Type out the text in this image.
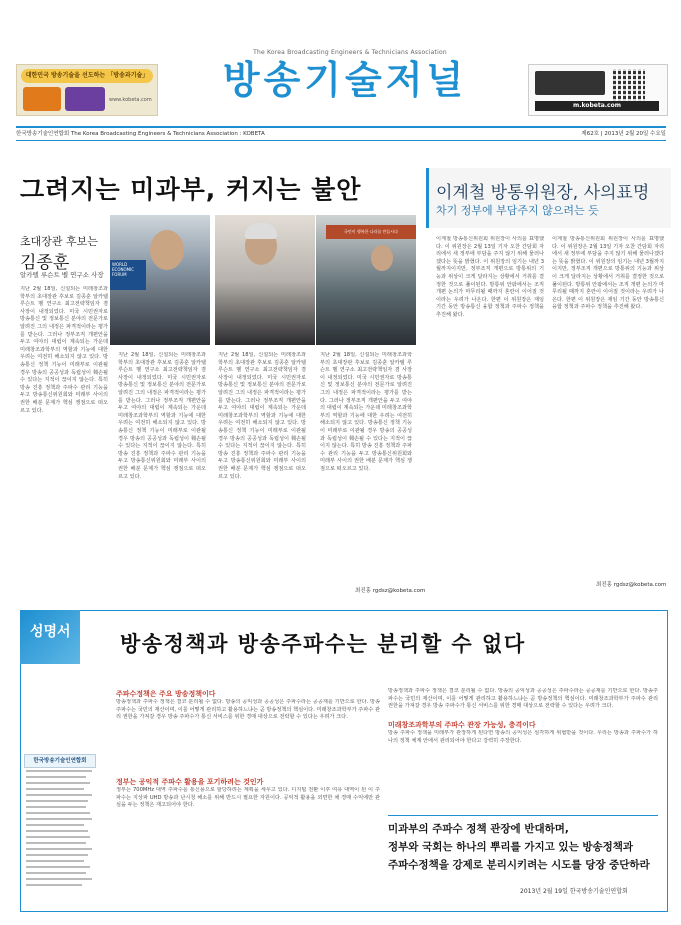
대한민국 방송기술을 선도하는 「방송과기술」
www.kobeta.com
The Korea Broadcasting Engineers & Technicians Association
방송기술저널
m.kobeta.com
한국방송기술인연합회 The Korea Broadcasting Engineers & Technicians Association : KOBETA	제62호 | 2013년 2월 20일 수요일
그려지는 미과부, 커지는 불안
초대장관 후보는
김종훈
알카텔 루슨트 벨 연구소 사장
WORLD ECONOMIC FORUM
국민이 행복한 나라를 만듭시다
이계철 방통위원장, 사의표명
차기 정부에 부담주지 않으려는 듯

지난 2월 18일, 신설되는 미래창조과학부의 초대장관 후보로 김종훈 알카텔 루슨트 벨 연구소 최고전략책임자 겸 사장이 내정되었다. 미국 시민권자로 방송통신 및 정보통신 분야의 전문가로 알려진 그의 내정은 파격적이라는 평가를 받는다. 그러나 정부조직 개편안을 두고 여야의 대립이 계속되는 가운데 미래창조과학부의 역할과 기능에 대한 우려는 여전히 해소되지 않고 있다. 방송통신 정책 기능이 미래부로 이관될 경우 방송의 공공성과 독립성이 훼손될 수 있다는 지적이 끊이지 않는다. 특히 방송 진흥 정책과 주파수 관리 기능을 두고 방송통신위원회와 미래부 사이의 권한 배분 문제가 핵심 쟁점으로 떠오르고 있다.

지난 2월 18일, 신설되는 미래창조과학부의 초대장관 후보로 김종훈 알카텔 루슨트 벨 연구소 최고전략책임자 겸 사장이 내정되었다. 미국 시민권자로 방송통신 및 정보통신 분야의 전문가로 알려진 그의 내정은 파격적이라는 평가를 받는다. 그러나 정부조직 개편안을 두고 여야의 대립이 계속되는 가운데 미래창조과학부의 역할과 기능에 대한 우려는 여전히 해소되지 않고 있다. 방송통신 정책 기능이 미래부로 이관될 경우 방송의 공공성과 독립성이 훼손될 수 있다는 지적이 끊이지 않는다. 특히 방송 진흥 정책과 주파수 관리 기능을 두고 방송통신위원회와 미래부 사이의 권한 배분 문제가 핵심 쟁점으로 떠오르고 있다.

지난 2월 18일, 신설되는 미래창조과학부의 초대장관 후보로 김종훈 알카텔 루슨트 벨 연구소 최고전략책임자 겸 사장이 내정되었다. 미국 시민권자로 방송통신 및 정보통신 분야의 전문가로 알려진 그의 내정은 파격적이라는 평가를 받는다. 그러나 정부조직 개편안을 두고 여야의 대립이 계속되는 가운데 미래창조과학부의 역할과 기능에 대한 우려는 여전히 해소되지 않고 있다. 방송통신 정책 기능이 미래부로 이관될 경우 방송의 공공성과 독립성이 훼손될 수 있다는 지적이 끊이지 않는다. 특히 방송 진흥 정책과 주파수 관리 기능을 두고 방송통신위원회와 미래부 사이의 권한 배분 문제가 핵심 쟁점으로 떠오르고 있다.

지난 2월 18일, 신설되는 미래창조과학부의 초대장관 후보로 김종훈 알카텔 루슨트 벨 연구소 최고전략책임자 겸 사장이 내정되었다. 미국 시민권자로 방송통신 및 정보통신 분야의 전문가로 알려진 그의 내정은 파격적이라는 평가를 받는다. 그러나 정부조직 개편안을 두고 여야의 대립이 계속되는 가운데 미래창조과학부의 역할과 기능에 대한 우려는 여전히 해소되지 않고 있다. 방송통신 정책 기능이 미래부로 이관될 경우 방송의 공공성과 독립성이 훼손될 수 있다는 지적이 끊이지 않는다. 특히 방송 진흥 정책과 주파수 관리 기능을 두고 방송통신위원회와 미래부 사이의 권한 배분 문제가 핵심 쟁점으로 떠오르고 있다.

최진홍 rgdsz@kobeta.com

이계철 방송통신위원회 위원장이 사의를 표명했다. 이 위원장은 2월 13일 기자 오찬 간담회 자리에서 새 정부에 부담을 주지 않기 위해 물러나겠다는 뜻을 밝혔다. 이 위원장의 임기는 내년 3월까지이지만, 정부조직 개편으로 방통위의 기능과 위상이 크게 달라지는 상황에서 거취를 결정한 것으로 풀이된다. 방통위 안팎에서는 조직 개편 논의가 마무리될 때까지 혼란이 이어질 것이라는 우려가 나온다. 한편 이 위원장은 재임 기간 동안 방송통신 융합 정책과 주파수 정책을 추진해 왔다.

이계철 방송통신위원회 위원장이 사의를 표명했다. 이 위원장은 2월 13일 기자 오찬 간담회 자리에서 새 정부에 부담을 주지 않기 위해 물러나겠다는 뜻을 밝혔다. 이 위원장의 임기는 내년 3월까지이지만, 정부조직 개편으로 방통위의 기능과 위상이 크게 달라지는 상황에서 거취를 결정한 것으로 풀이된다. 방통위 안팎에서는 조직 개편 논의가 마무리될 때까지 혼란이 이어질 것이라는 우려가 나온다. 한편 이 위원장은 재임 기간 동안 방송통신 융합 정책과 주파수 정책을 추진해 왔다.

최진홍 rgdsz@kobeta.com
성명서 방송정책과 방송주파수는 분리할 수 없다
주파수정책은 주요 방송정책이다

방송정책과 주파수 정책은 결코 분리될 수 없다. 방송의 공익성과 공공성은 주파수라는 공공재를 기반으로 한다. 방송주파수는 국민의 재산이며, 이를 어떻게 관리하고 활용하느냐는 곧 방송정책의 핵심이다. 미래창조과학부가 주파수 관리 권한을 가져갈 경우 방송 주파수가 통신 서비스를 위한 경매 대상으로 전락할 수 있다는 우려가 크다.

정부는 공익적 주파수 활용을 포기하려는 것인가

정부는 700MHz 대역 주파수를 통신용으로 할당하려는 계획을 세우고 있다. 디지털 전환 이후 여유 대역이 된 이 주파수는 지상파 UHD 방송과 난시청 해소를 위해 반드시 필요한 자원이다. 공익적 활용을 외면한 채 경매 수익에만 관심을 두는 정책은 재고되어야 한다.

방송정책과 주파수 정책은 결코 분리될 수 없다. 방송의 공익성과 공공성은 주파수라는 공공재를 기반으로 한다. 방송주파수는 국민의 재산이며, 이를 어떻게 관리하고 활용하느냐는 곧 방송정책의 핵심이다. 미래창조과학부가 주파수 관리 권한을 가져갈 경우 방송 주파수가 통신 서비스를 위한 경매 대상으로 전락할 수 있다는 우려가 크다.

미래창조과학부의 주파수 관장 가능성, 충격이다

방송 주파수 정책을 미래부가 관장하게 된다면 방송의 공익성은 심각하게 위협받을 것이다. 우리는 방송과 주파수가 하나의 정책 체계 안에서 관리되어야 한다고 강력히 주장한다.

한국방송기술인연합회
미과부의 주파수 정책 관장에 반대하며,
정부와 국회는 하나의 뿌리를 가지고 있는 방송정책과
주파수정책을 강제로 분리시키려는 시도를 당장 중단하라
2013년 2월 19일 한국방송기술인연합회
